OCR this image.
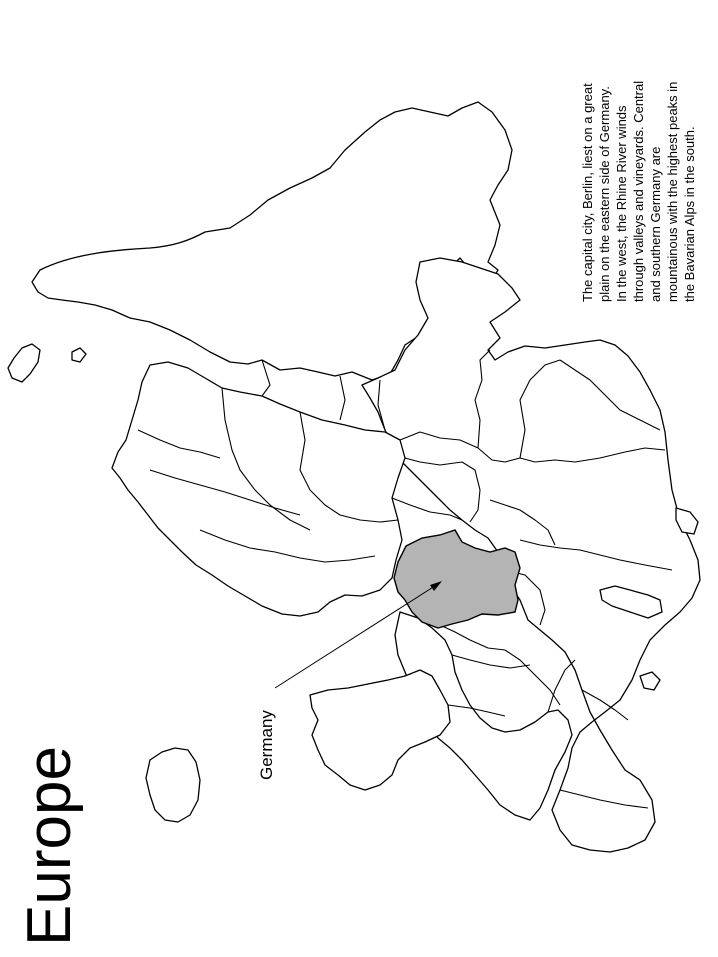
Germany
Europe
The capital city, Berlin, liest on a great plain on the eastern side of Germany. In the west, the Rhine River winds through valleys and vineyards. Central and southern Germany are mountainous with the highest peaks in the Bavarian Alps in the south.
